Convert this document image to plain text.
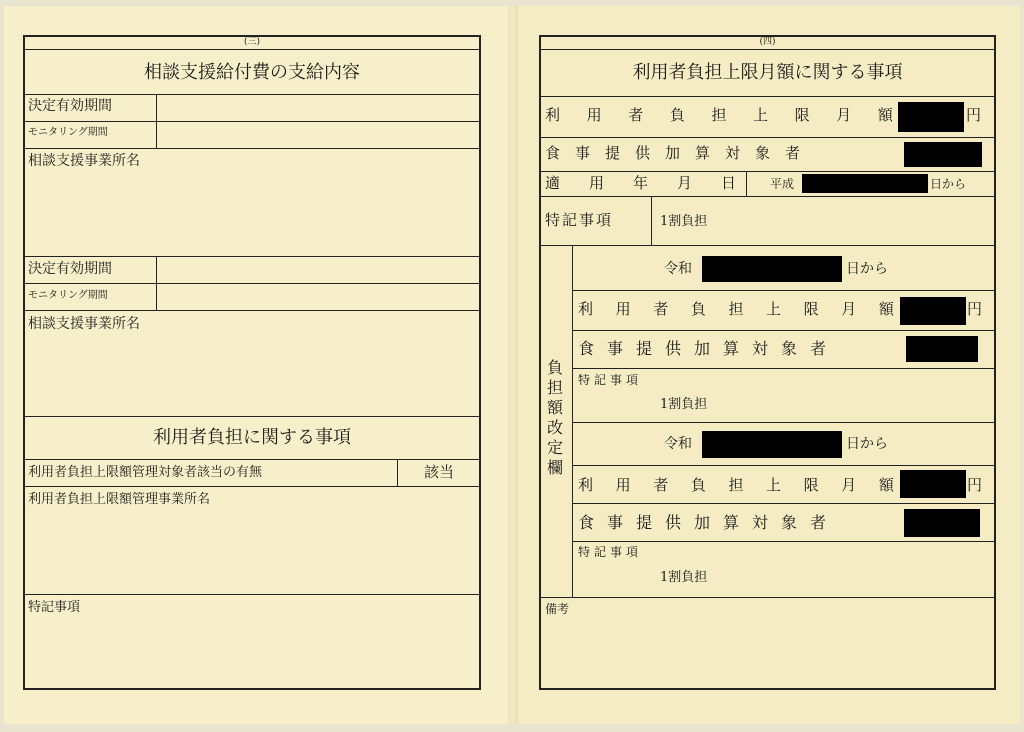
(三)
相談支援給付費の支給内容
決定有効期間
モニタリング期間
相談支援事業所名
決定有効期間
モニタリング期間
相談支援事業所名
利用者負担に関する事項
利用者負担上限額管理対象者該当の有無	該当
利用者負担上限額管理事業所名
特記事項
(四)
利用者負担上限月額に関する事項
利 用 者 負 担 上 限 月 額	円
食事提供加算対象者
適用年月日 平成	日から
特記事項	1割負担
負担額改定欄
令和	日から
利 用 者 負 担 上 限 月 額	円
食事提供加算対象者
特記事項
1割負担
令和	日から
利 用 者 負 担 上 限 月 額	円
食事提供加算対象者
特記事項
1割負担
備考
